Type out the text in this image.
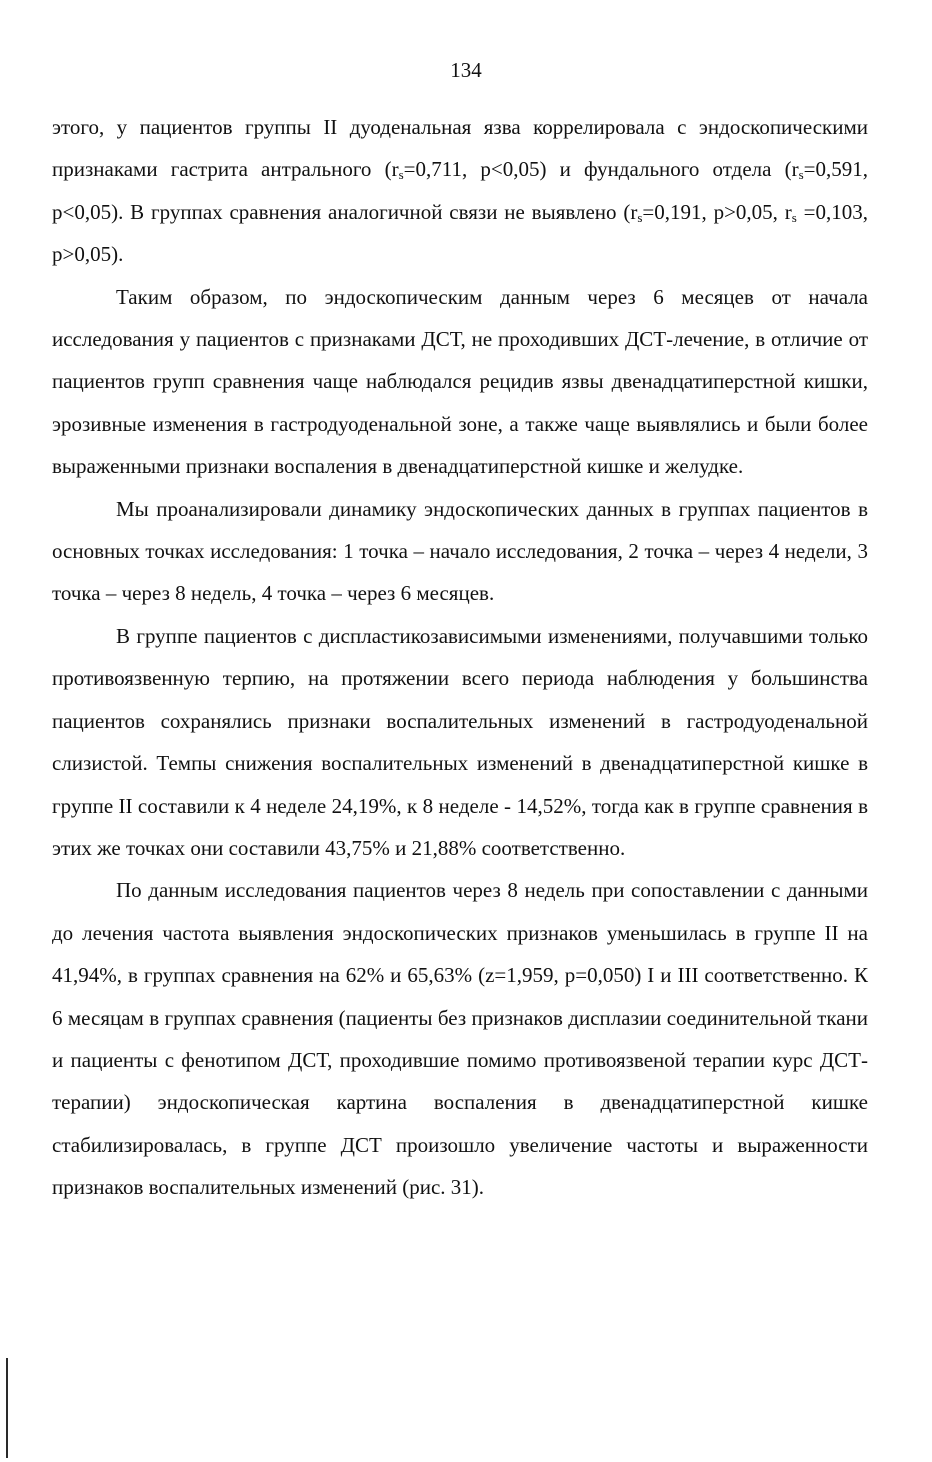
134

этого, у пациентов группы II дуоденальная язва коррелировала с эндоскопическими признаками гастрита антрального ($r_s=0,711$, p<0,05) и фундального отдела ($r_s=0,591$, p<0,05). В группах сравнения аналогичной связи не выявлено ($r_s=0,191$, p>0,05, $r_s =0,103$, p>0,05).

Таким образом, по эндоскопическим данным через 6 месяцев от начала исследования у пациентов с признаками ДСТ, не проходивших ДСТ-лечение, в отличие от пациентов групп сравнения чаще наблюдался рецидив язвы двенадцатиперстной кишки, эрозивные изменения в гастродуоденальной зоне, а также чаще выявлялись и были более выраженными признаки воспаления в двенадцатиперстной кишке и желудке.

Мы проанализировали динамику эндоскопических данных в группах пациентов в основных точках исследования: 1 точка – начало исследования, 2 точка – через 4 недели, 3 точка – через 8 недель, 4 точка – через 6 месяцев.

В группе пациентов с диспластикозависимыми изменениями, получавшими только противоязвенную терпию, на протяжении всего периода наблюдения у большинства пациентов сохранялись признаки воспалительных изменений в гастродуоденальной слизистой. Темпы снижения воспалительных изменений в двенадцатиперстной кишке в группе II составили к 4 неделе 24,19%, к 8 неделе - 14,52%, тогда как в группе сравнения в этих же точках они составили 43,75% и 21,88% соответственно.

По данным исследования пациентов через 8 недель при сопоставлении с данными до лечения частота выявления эндоскопических признаков уменьшилась в группе II на 41,94%, в группах сравнения на 62% и 65,63% (z=1,959, p=0,050) I и III соответственно. К 6 месяцам в группах сравнения (пациенты без признаков дисплазии соединительной ткани и пациенты с фенотипом ДСТ, проходившие помимо противоязвеной терапии курс ДСТ-терапии) эндоскопическая картина воспаления в двенадцатиперстной кишке стабилизировалась, в группе ДСТ произошло увеличение частоты и выраженности признаков воспалительных изменений (рис. 31).
